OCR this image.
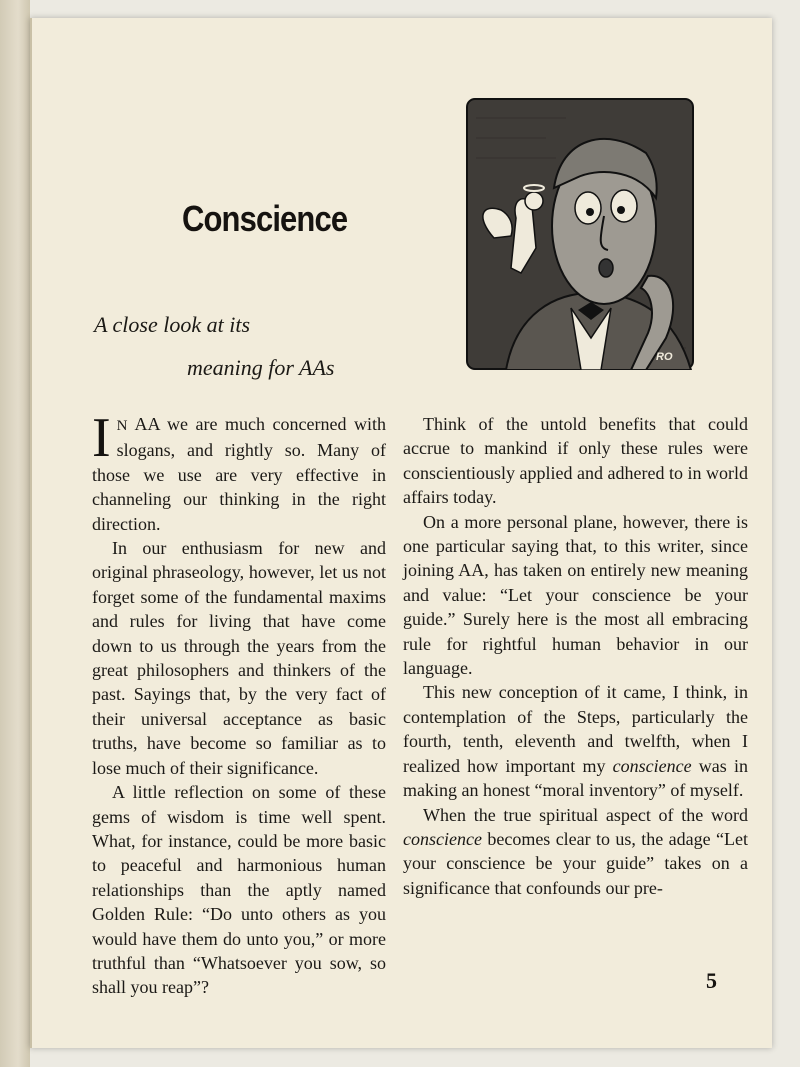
Conscience
A close look at its
meaning for AAs	RO

I N AA we are much concerned with slogans, and rightly so. Many of those we use are very effective in channeling our thinking in the right direction.

In our enthusiasm for new and original phraseology, however, let us not forget some of the fundamental maxims and rules for living that have come down to us through the years from the great philosophers and thinkers of the past. Sayings that, by the very fact of their universal acceptance as basic truths, have become so familiar as to lose much of their significance.

A little reflection on some of these gems of wisdom is time well spent. What, for instance, could be more basic to peaceful and harmonious human relationships than the aptly named Golden Rule: “Do unto others as you would have them do unto you,” or more truthful than “Whatsoever you sow, so shall you reap”?

Think of the untold benefits that could accrue to mankind if only these rules were conscientiously applied and adhered to in world affairs today.

On a more personal plane, however, there is one particular saying that, to this writer, since joining AA, has taken on entirely new meaning and value: “Let your conscience be your guide.” Surely here is the most all embracing rule for rightful human behavior in our language.

This new conception of it came, I think, in contemplation of the Steps, particularly the fourth, tenth, eleventh and twelfth, when I realized how important my conscience was in making an honest “moral inventory” of myself.

When the true spiritual aspect of the word conscience becomes clear to us, the adage “Let your conscience be your guide” takes on a significance that confounds our pre-

5
